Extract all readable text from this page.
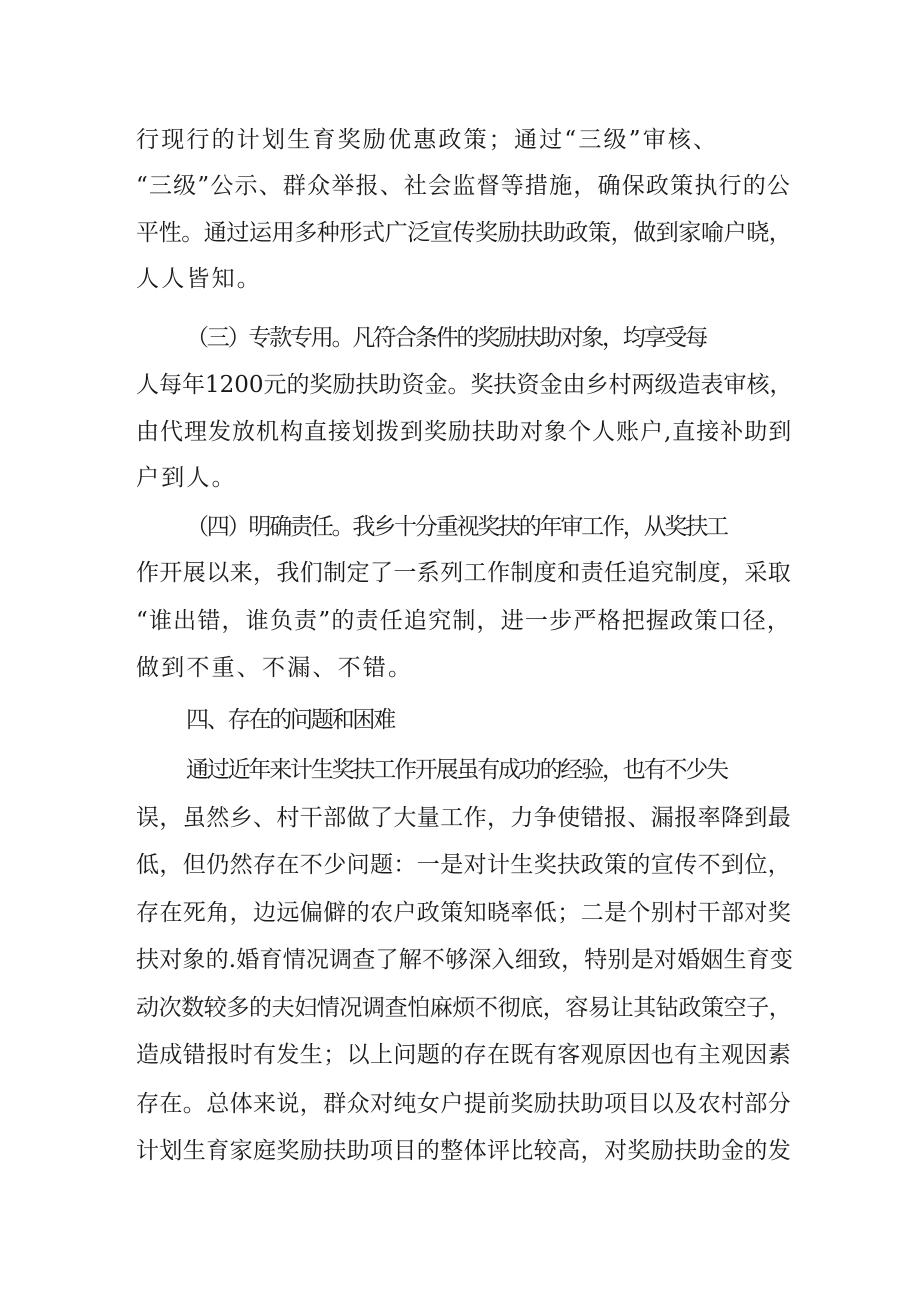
行现行的计划生育奖励优惠政策；通过“三级”审核、
“三级”公示、群众举报、社会监督等措施，确保政策执行的公
平性。通过运用多种形式广泛宣传奖励扶助政策，做到家喻户晓，
人人皆知。
（三）专款专用。凡符合条件的奖励扶助对象，均享受每
人每年1200元的奖励扶助资金。奖扶资金由乡村两级造表审核，
由代理发放机构直接划拨到奖励扶助对象个人账户,直接补助到
户到人。
（四）明确责任。我乡十分重视奖扶的年审工作，从奖扶工
作开展以来，我们制定了一系列工作制度和责任追究制度，采取
“谁出错，谁负责”的责任追究制，进一步严格把握政策口径，
做到不重、不漏、不错。
四、存在的问题和困难
通过近年来计生奖扶工作开展虽有成功的经验，也有不少失
误，虽然乡、村干部做了大量工作，力争使错报、漏报率降到最
低，但仍然存在不少问题：一是对计生奖扶政策的宣传不到位，
存在死角，边远偏僻的农户政策知晓率低；二是个别村干部对奖
扶对象的.婚育情况调查了解不够深入细致，特别是对婚姻生育变
动次数较多的夫妇情况调查怕麻烦不彻底，容易让其钻政策空子，
造成错报时有发生；以上问题的存在既有客观原因也有主观因素
存在。总体来说，群众对纯女户提前奖励扶助项目以及农村部分
计划生育家庭奖励扶助项目的整体评比较高，对奖励扶助金的发
